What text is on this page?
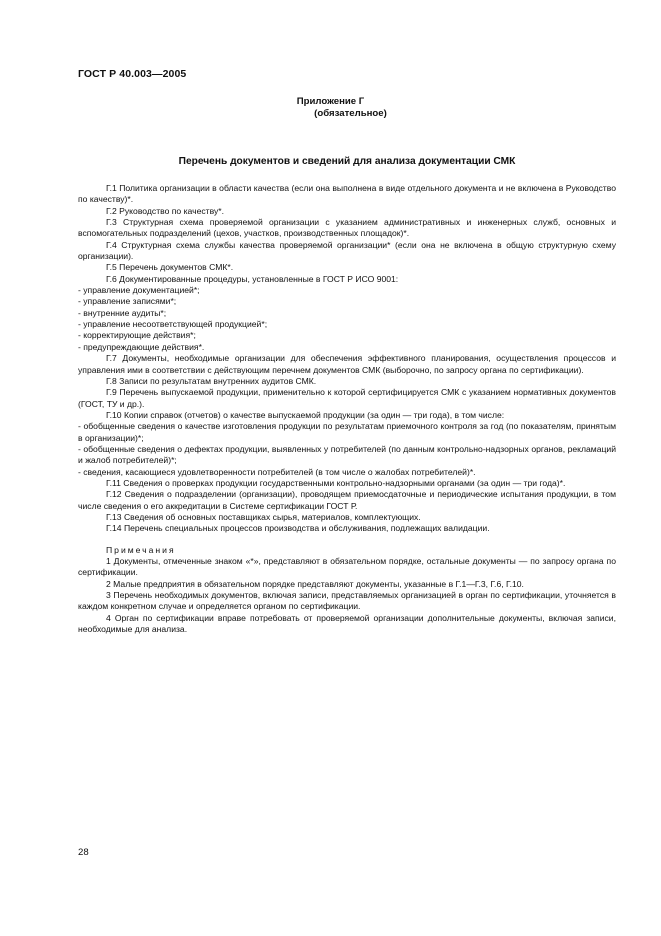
ГОСТ Р 40.003—2005
Приложение Г
(обязательное)
Перечень документов и сведений для анализа документации СМК

Г.1 Политика организации в области качества (если она выполнена в виде отдельного документа и не включена в Руководство по качеству)*.

Г.2 Руководство по качеству*.

Г.3 Структурная схема проверяемой организации с указанием административных и инженерных служб, основных и вспомогательных подразделений (цехов, участков, производственных площадок)*.

Г.4 Структурная схема службы качества проверяемой организации* (если она не включена в общую структурную схему организации).

Г.5 Перечень документов СМК*.

Г.6 Документированные процедуры, установленные в ГОСТ Р ИСО 9001:

- управление документацией*;

- управление записями*;

- внутренние аудиты*;

- управление несоответствующей продукцией*;

- корректирующие действия*;

- предупреждающие действия*.

Г.7 Документы, необходимые организации для обеспечения эффективного планирования, осуществления процессов и управления ими в соответствии с действующим перечнем документов СМК (выборочно, по запросу органа по сертификации).

Г.8 Записи по результатам внутренних аудитов СМК.

Г.9 Перечень выпускаемой продукции, применительно к которой сертифицируется СМК с указанием нормативных документов (ГОСТ, ТУ и др.).

Г.10 Копии справок (отчетов) о качестве выпускаемой продукции (за один — три года), в том числе:

- обобщенные сведения о качестве изготовления продукции по результатам приемочного контроля за год (по показателям, принятым в организации)*;

- обобщенные сведения о дефектах продукции, выявленных у потребителей (по данным контрольно-надзорных органов, рекламаций и жалоб потребителей)*;

- сведения, касающиеся удовлетворенности потребителей (в том числе о жалобах потребителей)*.

Г.11 Сведения о проверках продукции государственными контрольно-надзорными органами (за один — три года)*.

Г.12 Сведения о подразделении (организации), проводящем приемосдаточные и периодические испытания продукции, в том числе сведения о его аккредитации в Системе сертификации ГОСТ Р.

Г.13 Сведения об основных поставщиках сырья, материалов, комплектующих.

Г.14 Перечень специальных процессов производства и обслуживания, подлежащих валидации.

Примечания

1 Документы, отмеченные знаком «*», представляют в обязательном порядке, остальные документы — по запросу органа по сертификации.

2 Малые предприятия в обязательном порядке представляют документы, указанные в Г.1—Г.3, Г.6, Г.10.

3 Перечень необходимых документов, включая записи, представляемых организацией в орган по сертификации, уточняется в каждом конкретном случае и определяется органом по сертификации.

4 Орган по сертификации вправе потребовать от проверяемой организации дополнительные документы, включая записи, необходимые для анализа.

28
